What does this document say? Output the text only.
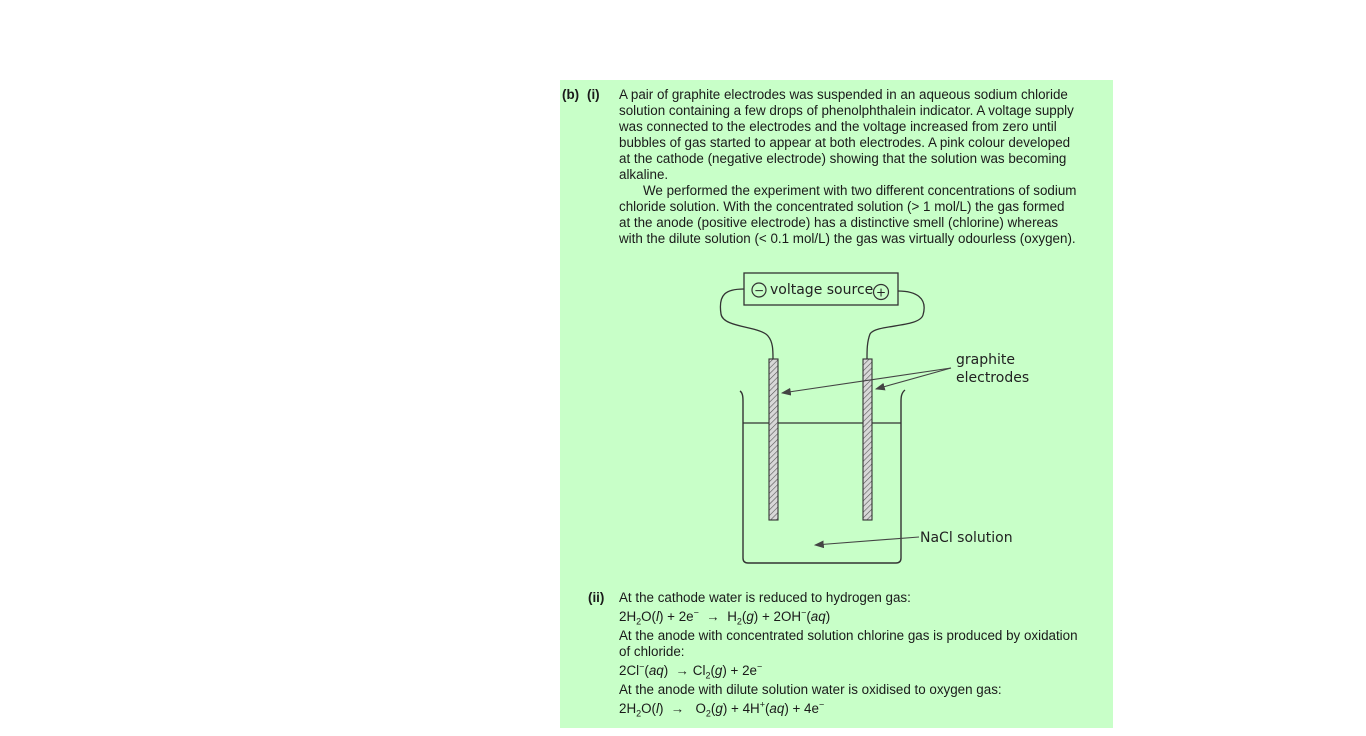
(b) (i) A pair of graphite electrodes was suspended in an aqueous sodium chloride
solution containing a few drops of phenolphthalein indicator. A voltage supply
was connected to the electrodes and the voltage increased from zero until
bubbles of gas started to appear at both electrodes. A pink colour developed
at the cathode (negative electrode) showing that the solution was becoming
alkaline.
We performed the experiment with two different concentrations of sodium
chloride solution. With the concentrated solution (> 1 mol/L) the gas formed
at the anode (positive electrode) has a distinctive smell (chlorine) whereas
with the dilute solution (< 0.1 mol/L) the gas was virtually odourless (oxygen).
− voltage source +
graphite
electrodes
NaCl solution
(ii) At the cathode water is reduced to hydrogen gas:
$2H_2O(l) + 2e^- \to H_2(g) + 2OH^-(aq)$
At the anode with concentrated solution chlorine gas is produced by oxidation
of chloride:
$2Cl^-(aq) \to Cl_2(g) + 2e^-$
At the anode with dilute solution water is oxidised to oxygen gas:
$2H_2O(l) \to O_2(g) + 4H^+(aq) + 4e^-$
